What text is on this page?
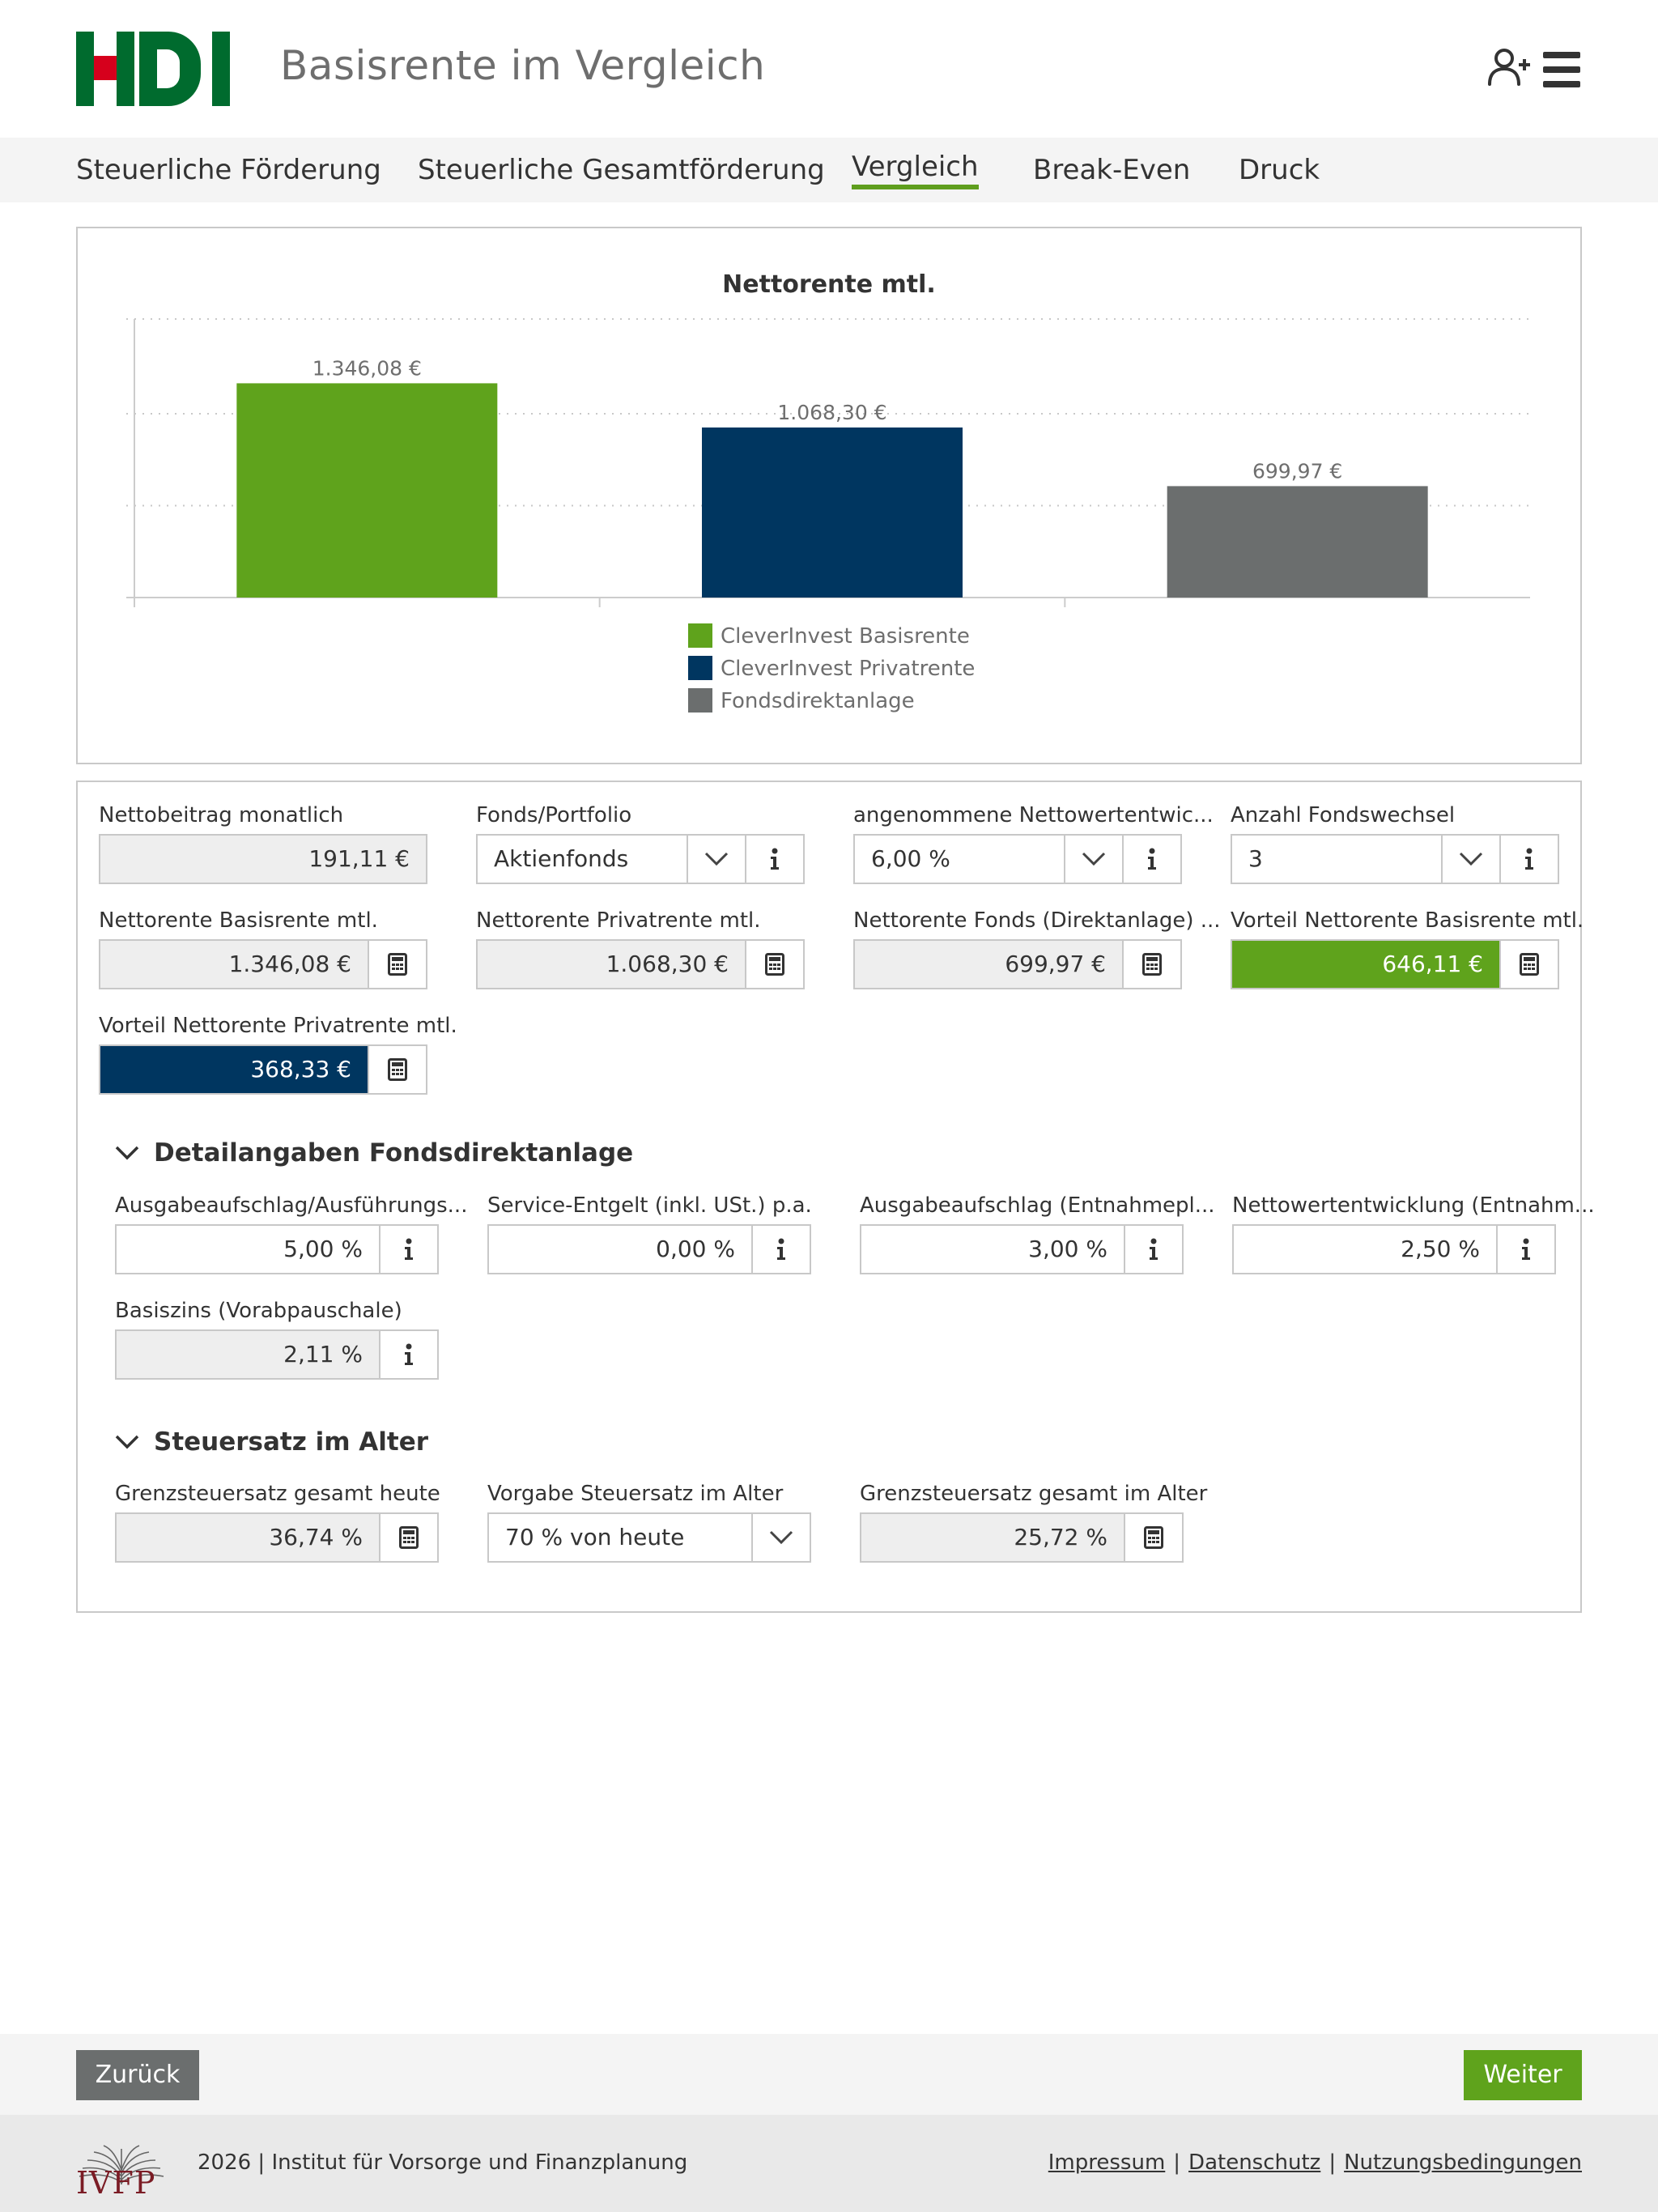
Basisrente im Vergleich
Steuerliche Förderung Steuerliche Gesamtförderung Vergleich Break-Even Druck
Nettorente mtl.
1.346,08 €
1.068,30 €
699,97 €
CleverInvest Basisrente
CleverInvest Privatrente
Fondsdirektanlage
Nettobeitrag monatlich
191,11 €
Fonds/Portfolio
Aktienfonds
angenommene Nettowertentwic...
6,00 %
Anzahl Fondswechsel
3
Nettorente Basisrente mtl.
1.346,08 €
Nettorente Privatrente mtl.
1.068,30 €
Nettorente Fonds (Direktanlage) ...
699,97 €
Vorteil Nettorente Basisrente mtl.
646,11 €
Vorteil Nettorente Privatrente mtl.
368,33 €
Detailangaben Fondsdirektanlage
Ausgabeaufschlag/Ausführungs...
5,00 %
Service-Entgelt (inkl. USt.) p.a.
0,00 %
Ausgabeaufschlag (Entnahmepl...
3,00 %
Nettowertentwicklung (Entnahm...
2,50 %
Basiszins (Vorabpauschale)
2,11 %
Steuersatz im Alter
Grenzsteuersatz gesamt heute
36,74 %
Vorgabe Steuersatz im Alter
70 % von heute
Grenzsteuersatz gesamt im Alter
25,72 %
Zurück	Weiter
IVFP
2026 | Institut für Vorsorge und Finanzplanung	Impressum | Datenschutz | Nutzungsbedingungen
